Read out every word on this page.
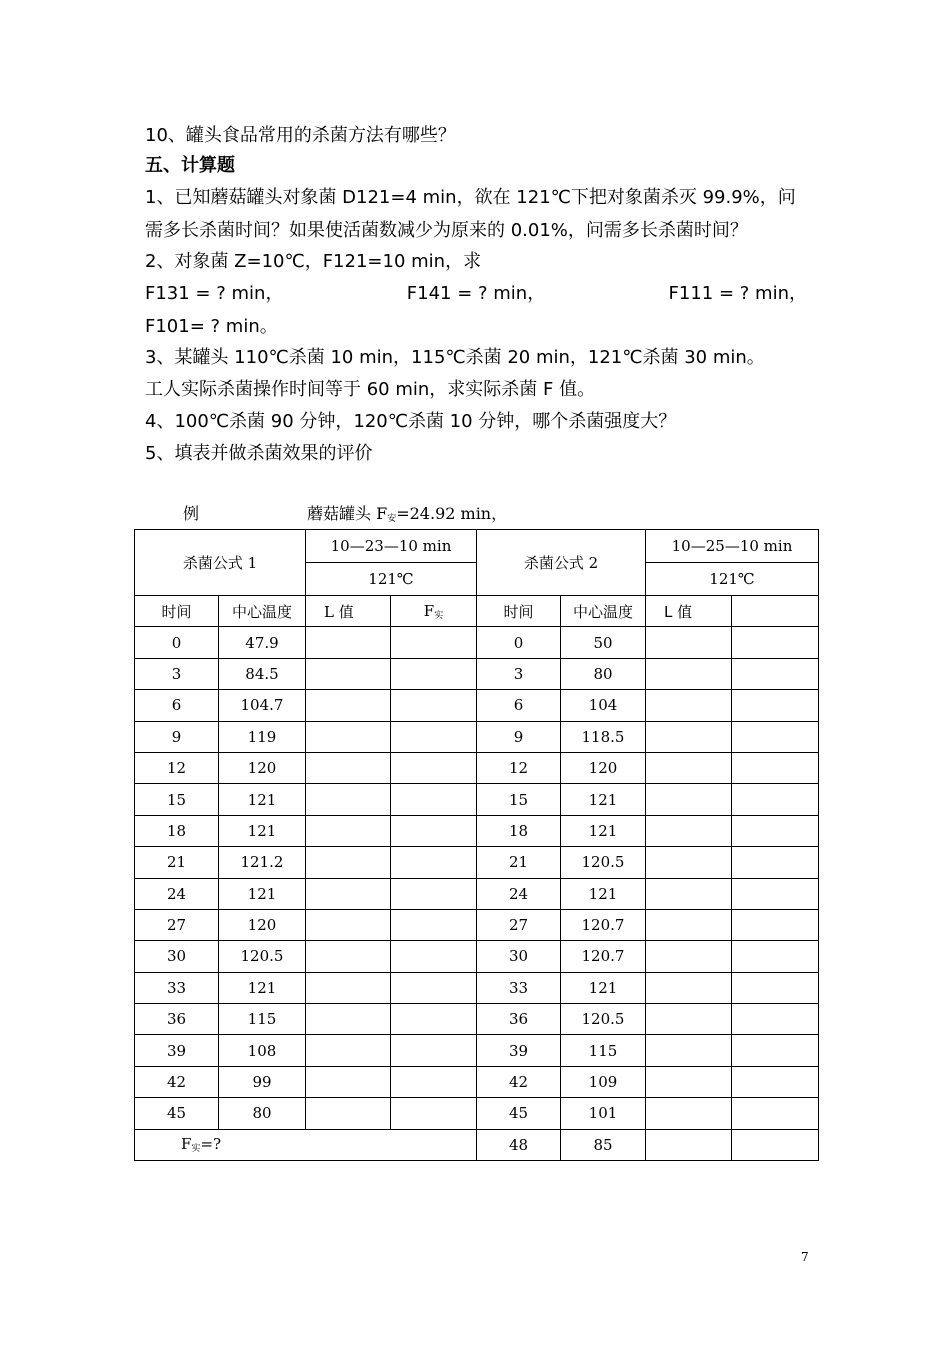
10、罐头食品常用的杀菌方法有哪些？
五、计算题
1、已知蘑菇罐头对象菌 D121=4 min，欲在 121℃下把对象菌杀灭 99.9%，问
需多长杀菌时间？如果使活菌数减少为原来的 0.01%，问需多长杀菌时间？
2、对象菌 Z=10℃，F121=10 min，求
F131 = ? min，	F141 = ? min，	F111 = ? min，
F101= ? min。
3、某罐头 110℃杀菌 10 min，115℃杀菌 20 min，121℃杀菌 30 min。
工人实际杀菌操作时间等于 60 min，求实际杀菌 F 值。
4、100℃杀菌 90 分钟，120℃杀菌 10 分钟，哪个杀菌强度大？
5、填表并做杀菌效果的评价
例	蘑菇罐头 $F_安=24.92$ min，
杀菌公式 1		10—23—10 min		杀菌公式 2		10—25—10 min	
		121℃				121℃	
时间	中心温度	L 值	$F_实$	时间	中心温度	L 值	
0	47.9			0	50		
3	84.5			3	80		
6	104.7			6	104		
9	119			9	118.5		
12	120			12	120		
15	121			15	121		
18	121			18	121		
21	121.2			21	120.5		
24	121			24	121		
27	120			27	120.7		
30	120.5			30	120.7		
33	121			33	121		
36	115			36	120.5		
39	108			39	115		
42	99			42	109		
45	80			45	101		
$F_实=$?				48	85		
7
